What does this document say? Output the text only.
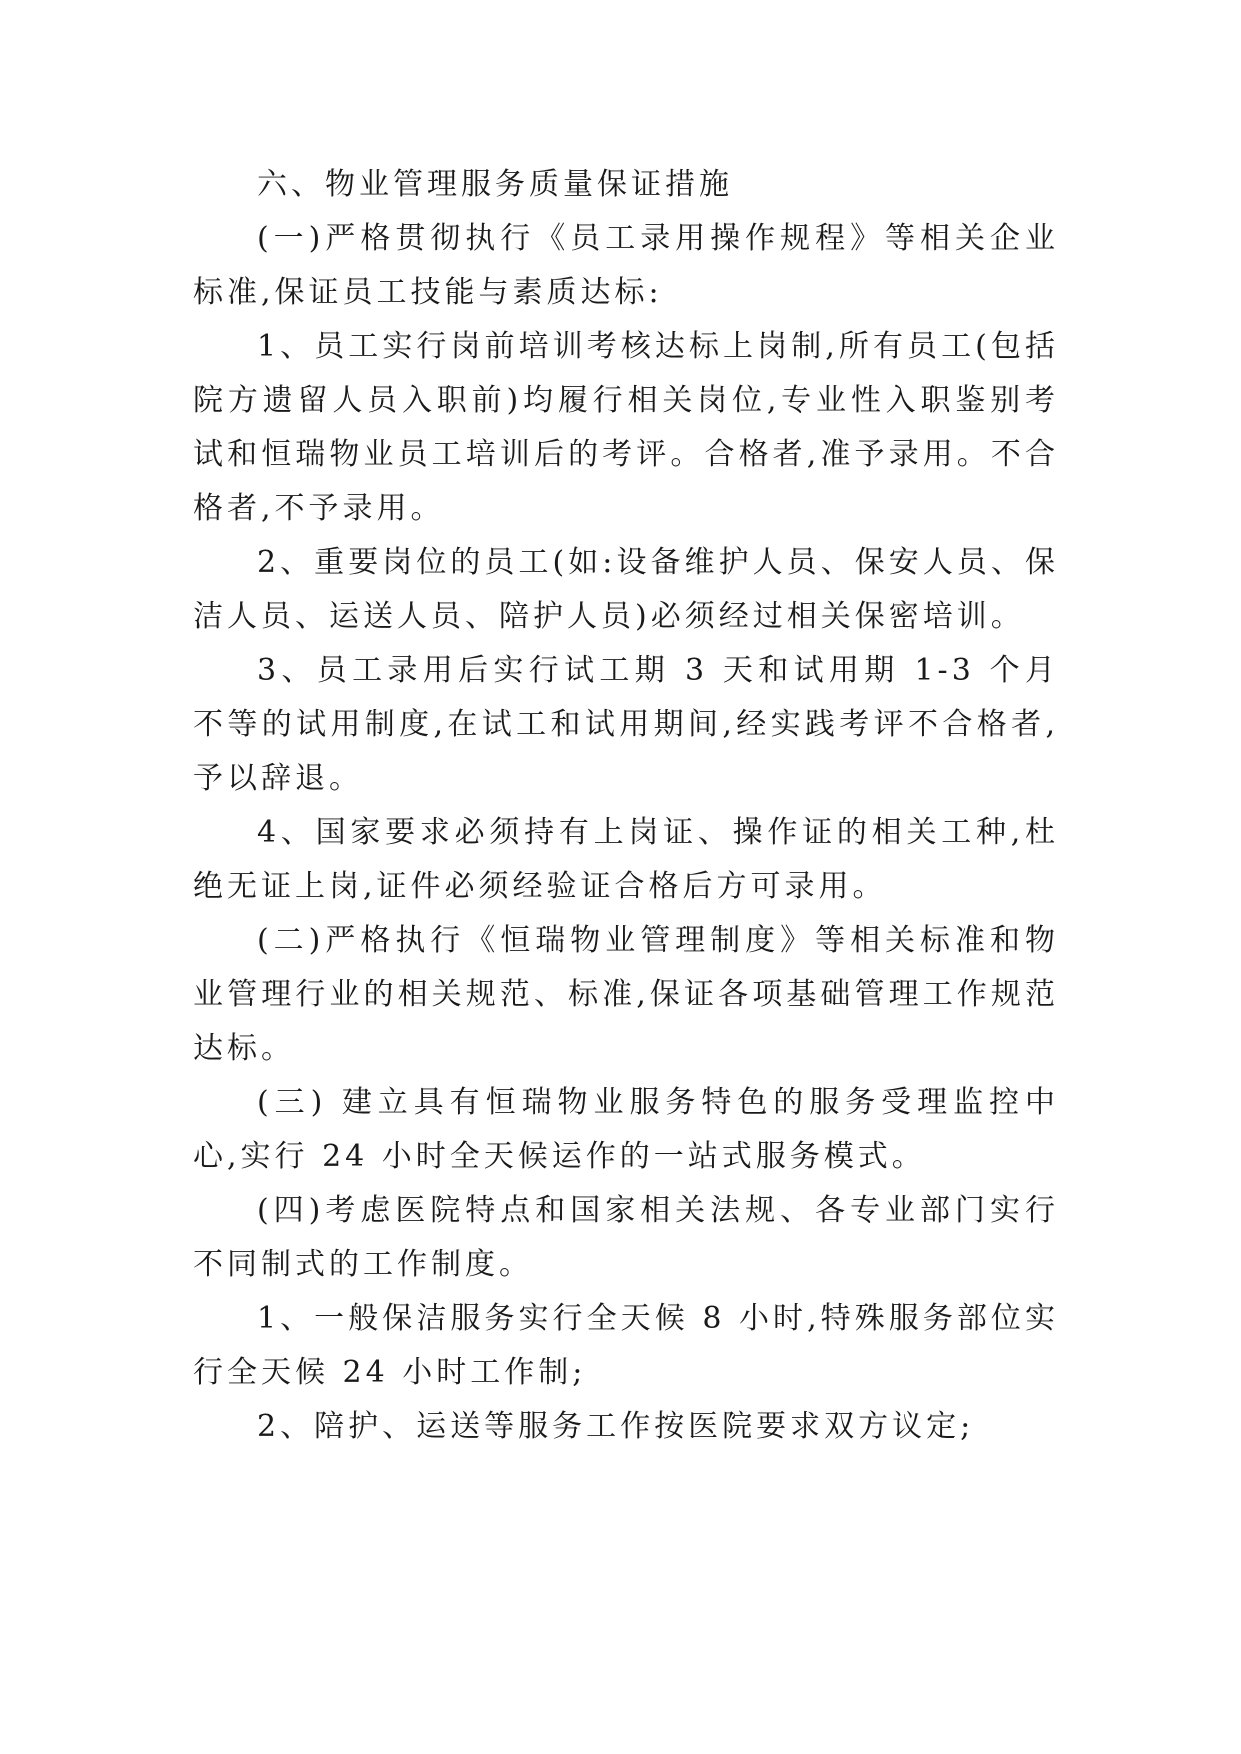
六、物业管理服务质量保证措施

(一)严格贯彻执行《员工录用操作规程》等相关企业标准,保证员工技能与素质达标:

1、员工实行岗前培训考核达标上岗制,所有员工(包括院方遗留人员入职前)均履行相关岗位,专业性入职鉴别考试和恒瑞物业员工培训后的考评。合格者,准予录用。不合格者,不予录用。

2、重要岗位的员工(如:设备维护人员、保安人员、保洁人员、运送人员、陪护人员)必须经过相关保密培训。

3、员工录用后实行试工期 3 天和试用期 1-3 个月不等的试用制度,在试工和试用期间,经实践考评不合格者,予以辞退。

4、国家要求必须持有上岗证、操作证的相关工种,杜绝无证上岗,证件必须经验证合格后方可录用。

(二)严格执行《恒瑞物业管理制度》等相关标准和物业管理行业的相关规范、标准,保证各项基础管理工作规范达标。

(三) 建立具有恒瑞物业服务特色的服务受理监控中心,实行 24 小时全天候运作的一站式服务模式。

(四)考虑医院特点和国家相关法规、各专业部门实行不同制式的工作制度。

1、一般保洁服务实行全天候 8 小时,特殊服务部位实行全天候 24 小时工作制;

2、陪护、运送等服务工作按医院要求双方议定;
